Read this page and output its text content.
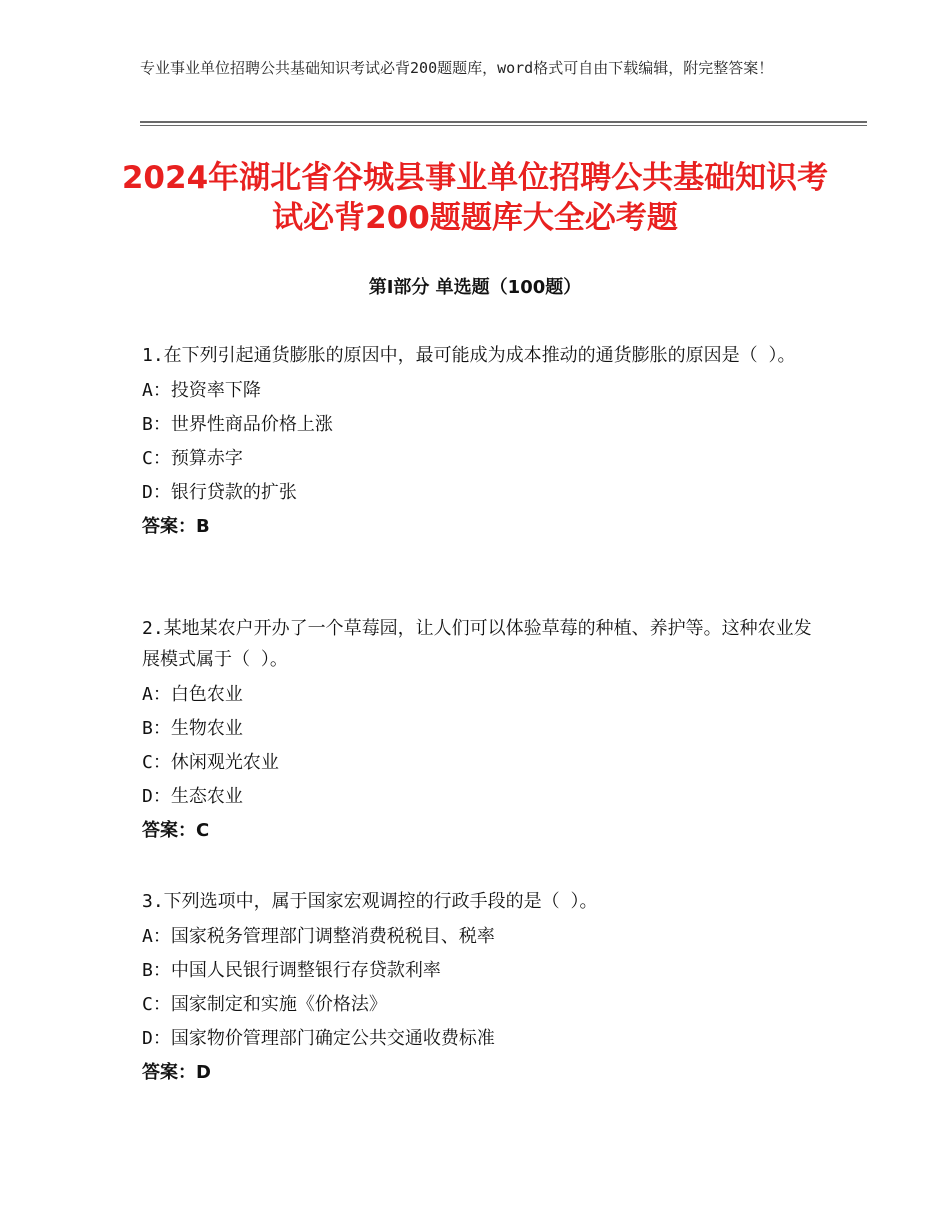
专业事业单位招聘公共基础知识考试必背200题题库，word格式可自由下载编辑，附完整答案！
2024年湖北省谷城县事业单位招聘公共基础知识考试必背200题题库大全必考题
第Ⅰ部分 单选题（100题）
1.在下列引起通货膨胀的原因中，最可能成为成本推动的通货膨胀的原因是（ ）。
A：投资率下降
B：世界性商品价格上涨
C：预算赤字
D：银行贷款的扩张
答案：B
2.某地某农户开办了一个草莓园，让人们可以体验草莓的种植、养护等。这种农业发展模式属于（ ）。
A：白色农业
B：生物农业
C：休闲观光农业
D：生态农业
答案：C
3.下列选项中，属于国家宏观调控的行政手段的是（ ）。
A：国家税务管理部门调整消费税税目、税率
B：中国人民银行调整银行存贷款利率
C：国家制定和实施《价格法》
D：国家物价管理部门确定公共交通收费标准
答案：D
